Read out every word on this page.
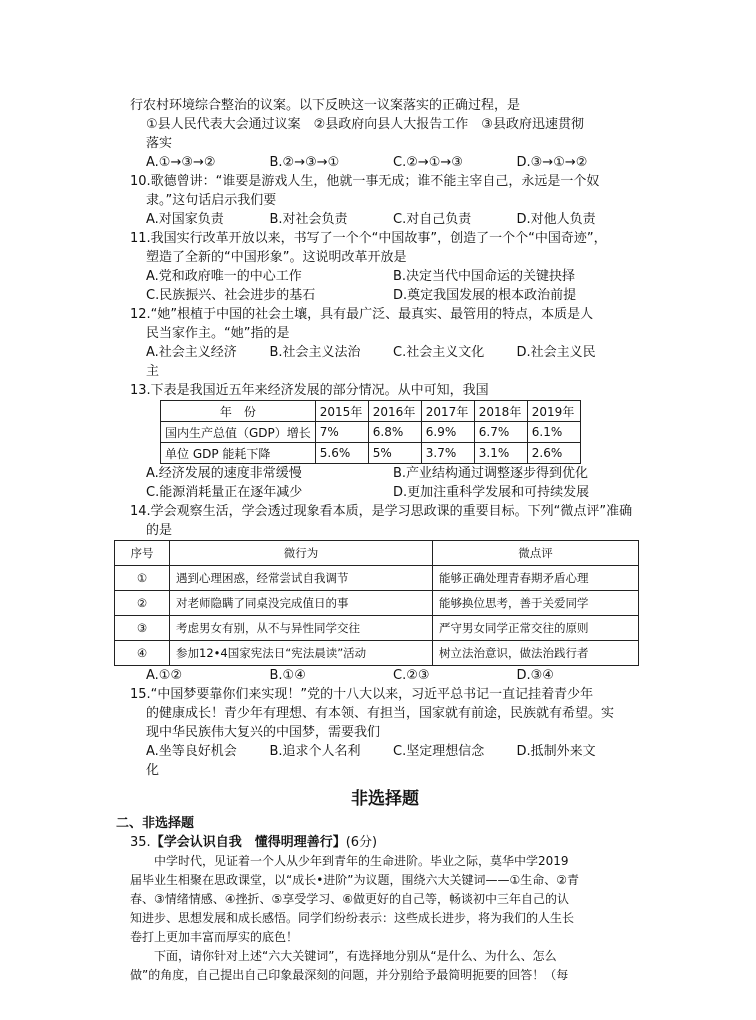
行农村环境综合整治的议案。以下反映这一议案落实的正确过程，是
①县人民代表大会通过议案　②县政府向县人大报告工作　③县政府迅速贯彻
落实
A.①→③→②	B.②→③→①	C.②→①→③	D.③→①→②
10.歌德曾讲：“谁要是游戏人生，他就一事无成；谁不能主宰自己，永远是一个奴
隶。”这句话启示我们要
A.对国家负责	B.对社会负责	C.对自己负责	D.对他人负责
11.我国实行改革开放以来，书写了一个个“中国故事”，创造了一个个“中国奇迹”，
塑造了全新的“中国形象”。这说明改革开放是
A.党和政府唯一的中心工作	B.决定当代中国命运的关键抉择
C.民族振兴、社会进步的基石	D.奠定我国发展的根本政治前提
12.“她”根植于中国的社会土壤，具有最广泛、最真实、最管用的特点，本质是人
民当家作主。“她”指的是
A.社会主义经济	B.社会主义法治	C.社会主义文化	D.社会主义民
主
13.下表是我国近五年来经济发展的部分情况。从中可知，我国
年　份	2015年	2016年	2017年	2018年	2019年
国内生产总值（GDP）增长	7%	6.8%	6.9%	6.7%	6.1%
单位 GDP 能耗下降	5.6%	5%	3.7%	3.1%	2.6%
A.经济发展的速度非常缓慢	B.产业结构通过调整逐步得到优化
C.能源消耗量正在逐年减少	D.更加注重科学发展和可持续发展
14.学会观察生活，学会透过现象看本质，是学习思政课的重要目标。下列“微点评”准确
的是
序号	微行为	微点评
①	遇到心理困惑，经常尝试自我调节	能够正确处理青春期矛盾心理
②	对老师隐瞒了同桌没完成值日的事	能够换位思考，善于关爱同学
③	考虑男女有别，从不与异性同学交往	严守男女同学正常交往的原则
④	参加12•4国家宪法日“宪法晨读”活动	树立法治意识，做法治践行者
A.①②	B.①④	C.②③	D.③④
15.“中国梦要靠你们来实现！”党的十八大以来，习近平总书记一直记挂着青少年
的健康成长！青少年有理想、有本领、有担当，国家就有前途，民族就有希望。实
现中华民族伟大复兴的中国梦，需要我们
A.坐等良好机会	B.追求个人名利	C.坚定理想信念	D.抵制外来文
化
非选择题
二、非选择题
35.【学会认识自我　懂得明理善行】(6分)
中学时代，见证着一个人从少年到青年的生命进阶。毕业之际，莫华中学2019
届毕业生相聚在思政课堂，以“成长•进阶”为议题，围绕六大关键词——①生命、②青
春、③情绪情感、④挫折、⑤享受学习、⑥做更好的自己等，畅谈初中三年自己的认
知进步、思想发展和成长感悟。同学们纷纷表示：这些成长进步，将为我们的人生长
卷打上更加丰富而厚实的底色！
下面，请你针对上述“六大关键词”，有选择地分别从“是什么、为什么、怎么
做”的角度，自己提出自己印象最深刻的问题，并分别给予最简明扼要的回答！（每
